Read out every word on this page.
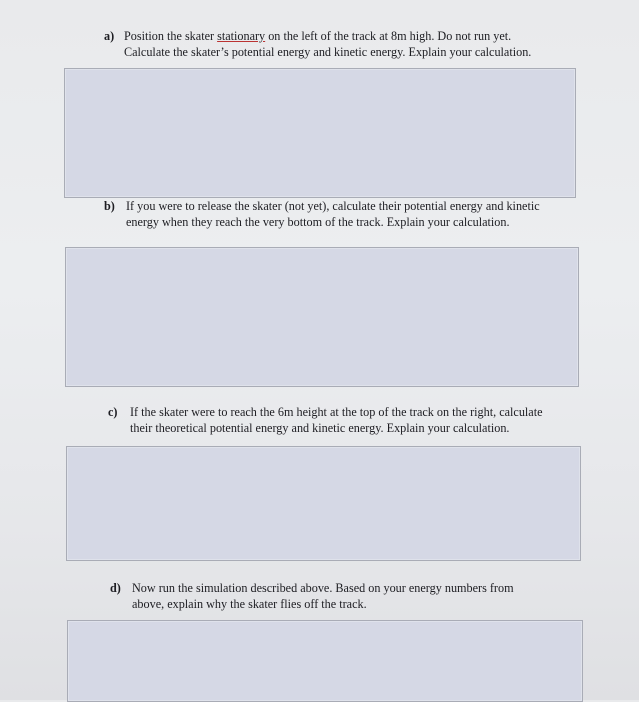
a) Position the skater stationary on the left of the track at 8m high. Do not run yet.
Calculate the skater’s potential energy and kinetic energy. Explain your calculation.
b) If you were to release the skater (not yet), calculate their potential energy and kinetic
energy when they reach the very bottom of the track. Explain your calculation.
c) If the skater were to reach the 6m height at the top of the track on the right, calculate
their theoretical potential energy and kinetic energy. Explain your calculation.
d) Now run the simulation described above. Based on your energy numbers from
above, explain why the skater flies off the track.
